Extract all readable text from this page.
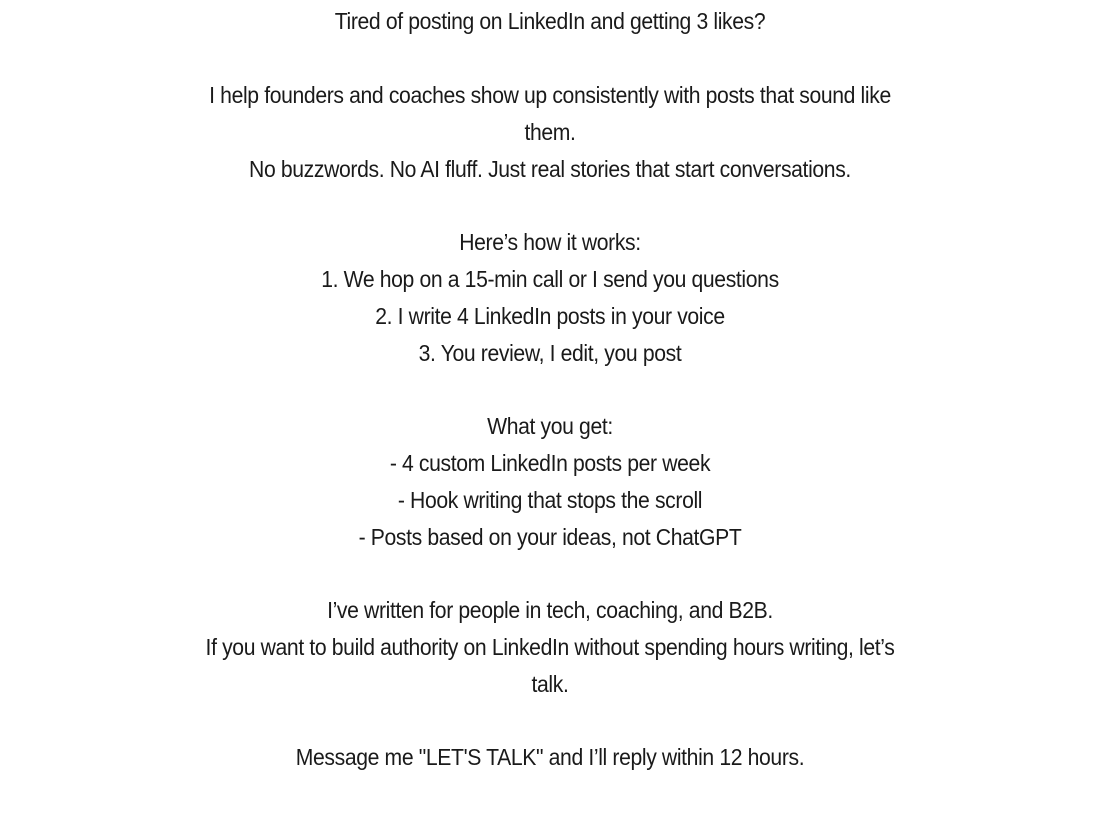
Tired of posting on LinkedIn and getting 3 likes?
I help founders and coaches show up consistently with posts that sound like
them.
No buzzwords. No AI fluff. Just real stories that start conversations.
Here’s how it works:
1. We hop on a 15-min call or I send you questions
2. I write 4 LinkedIn posts in your voice
3. You review, I edit, you post
What you get:
- 4 custom LinkedIn posts per week
- Hook writing that stops the scroll
- Posts based on your ideas, not ChatGPT
I’ve written for people in tech, coaching, and B2B.
If you want to build authority on LinkedIn without spending hours writing, let’s
talk.
Message me "LET'S TALK" and I’ll reply within 12 hours.
